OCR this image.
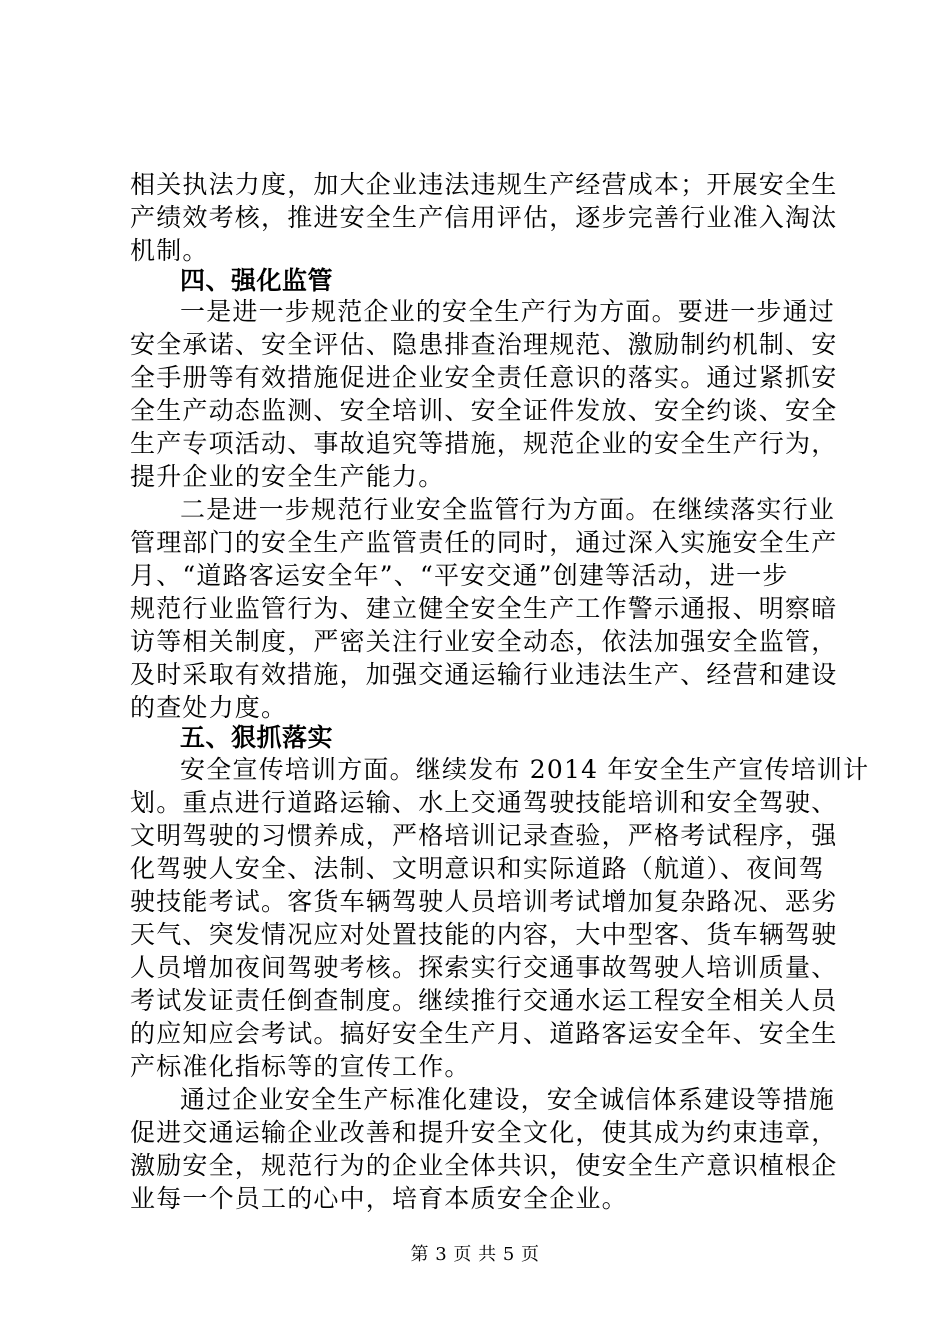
相关执法力度，加大企业违法违规生产经营成本；开展安全生
产绩效考核，推进安全生产信用评估，逐步完善行业准入淘汰
机制。
四、强化监管
一是进一步规范企业的安全生产行为方面。要进一步通过
安全承诺、安全评估、隐患排查治理规范、激励制约机制、安
全手册等有效措施促进企业安全责任意识的落实。通过紧抓安
全生产动态监测、安全培训、安全证件发放、安全约谈、安全
生产专项活动、事故追究等措施，规范企业的安全生产行为，
提升企业的安全生产能力。
二是进一步规范行业安全监管行为方面。在继续落实行业
管理部门的安全生产监管责任的同时，通过深入实施安全生产
月、“道路客运安全年”、“平安交通”创建等活动，进一步
规范行业监管行为、建立健全安全生产工作警示通报、明察暗
访等相关制度，严密关注行业安全动态，依法加强安全监管，
及时采取有效措施，加强交通运输行业违法生产、经营和建设
的查处力度。
五、狠抓落实
安全宣传培训方面。继续发布 2014 年安全生产宣传培训计
划。重点进行道路运输、水上交通驾驶技能培训和安全驾驶、
文明驾驶的习惯养成，严格培训记录查验，严格考试程序，强
化驾驶人安全、法制、文明意识和实际道路（航道）、夜间驾
驶技能考试。客货车辆驾驶人员培训考试增加复杂路况、恶劣
天气、突发情况应对处置技能的内容，大中型客、货车辆驾驶
人员增加夜间驾驶考核。探索实行交通事故驾驶人培训质量、
考试发证责任倒查制度。继续推行交通水运工程安全相关人员
的应知应会考试。搞好安全生产月、道路客运安全年、安全生
产标准化指标等的宣传工作。
通过企业安全生产标准化建设，安全诚信体系建设等措施
促进交通运输企业改善和提升安全文化，使其成为约束违章，
激励安全，规范行为的企业全体共识，使安全生产意识植根企
业每一个员工的心中，培育本质安全企业。
第 3 页 共 5 页
